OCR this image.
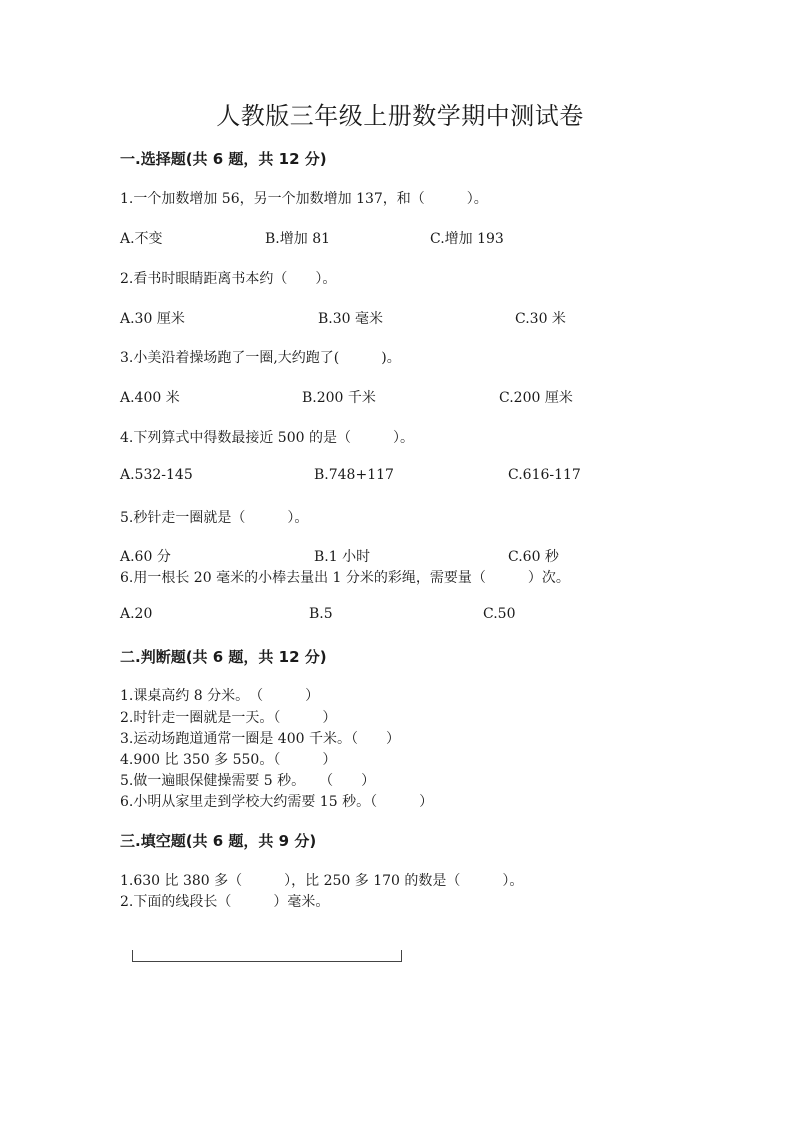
人教版三年级上册数学期中测试卷
一.选择题(共 6 题，共 12 分)
1.一个加数增加 56，另一个加数增加 137，和（　　　）。
A.不变	B.增加 81	C.增加 193
2.看书时眼睛距离书本约（　　）。
A.30 厘米	B.30 毫米	C.30 米
3.小美沿着操场跑了一圈,大约跑了(　　　)。
A.400 米	B.200 千米	C.200 厘米
4.下列算式中得数最接近 500 的是（　　　）。
A.532-145	B.748+117	C.616-117
5.秒针走一圈就是（　　　）。
A.60 分	B.1 小时	C.60 秒
6.用一根长 20 毫米的小棒去量出 1 分米的彩绳，需要量（　　　）次。
A.20	B.5	C.50
二.判断题(共 6 题，共 12 分)
1.课桌高约 8 分米。　（　　　）
2.时针走一圈就是一天。（　　　）
3.运动场跑道通常一圈是 400 千米。（　　）
4.900 比 350 多 550。（　　　）
5.做一遍眼保健操需要 5 秒。　　（　　）
6.小明从家里走到学校大约需要 15 秒。（　　　）
三.填空题(共 6 题，共 9 分)
1.630 比 380 多（　　　），比 250 多 170 的数是（　　　）。
2.下面的线段长（　　　）毫米。
